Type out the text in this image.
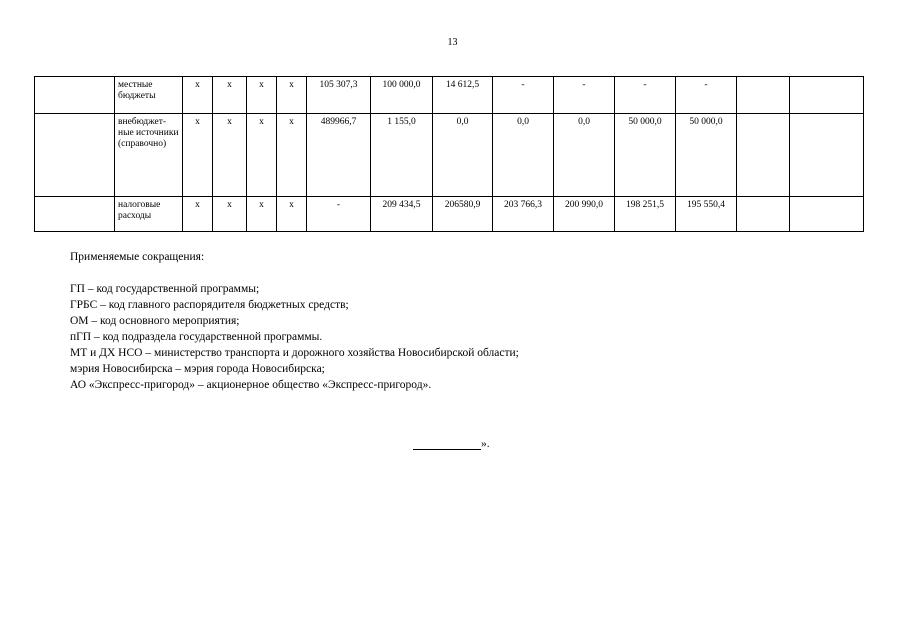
13
	местные бюджеты	х	х	х	х	105 307,3	100 000,0	14 612,5	-	-	-	-		
	внебюджет-ные источники (справочно)	х	х	х	х	489966,7	1 155,0	0,0	0,0	0,0	50 000,0	50 000,0		
	налоговые расходы	х	х	х	х	-	209 434,5	206580,9	203 766,3	200 990,0	198 251,5	195 550,4		
Применяемые сокращения:
ГП – код государственной программы;
ГРБС – код главного распорядителя бюджетных средств;
ОМ – код основного мероприятия;
пГП – код подраздела государственной программы.
МТ и ДХ НСО – министерство транспорта и дорожного хозяйства Новосибирской области;
мэрия Новосибирска – мэрия города Новосибирска;
АО «Экспресс-пригород» – акционерное общество «Экспресс-пригород».
».
